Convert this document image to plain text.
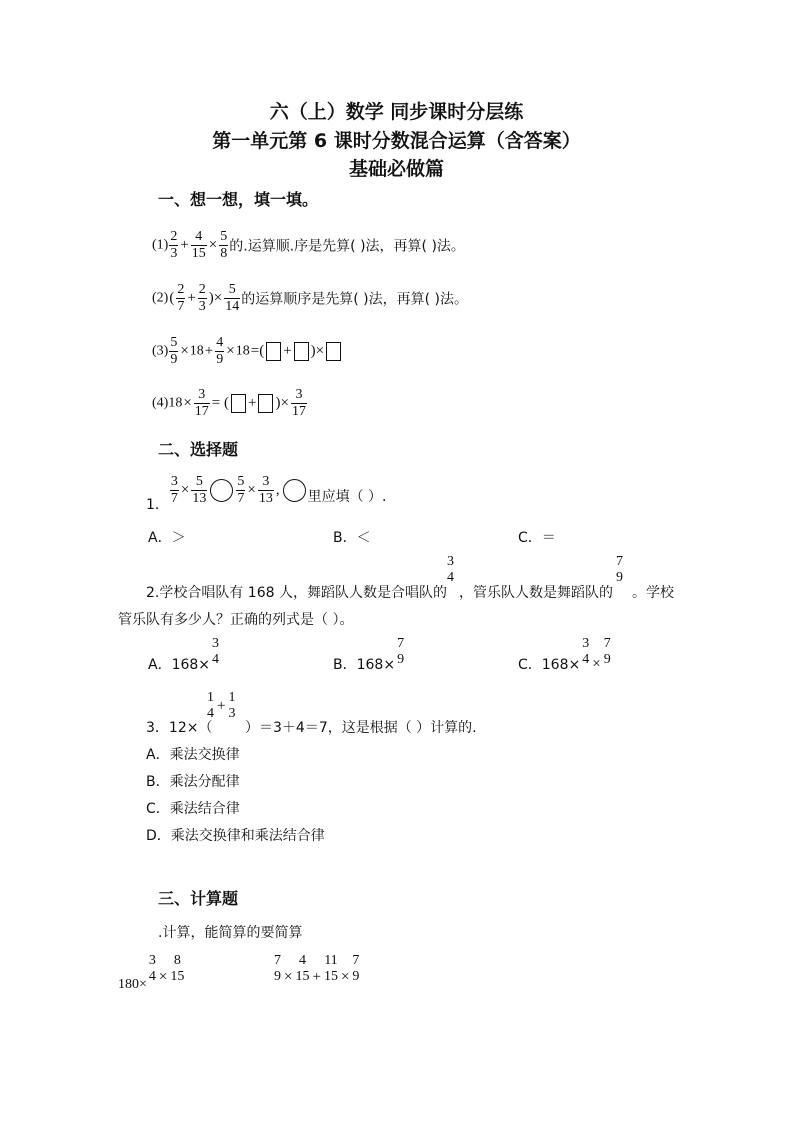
六（上）数学 同步课时分层练
第一单元第 6 课时分数混合运算（含答案）
基础必做篇
一、想一想，填一填。
$(1) \frac{2}{3} + \frac{4}{15} \times \frac{5}{8}$ 的.运算顺.序是先算( )法，再算( )法。
$(2)( \frac{2}{7} + \frac{2}{3}$ )× $\frac{5}{14}$ 的运算顺序是先算( )法，再算( )法。
$(3) \frac{5}{9} \times 18+ \frac{4}{9} \times 18=$( + )×
$(4)18\times \frac{3}{17}$ = ( + )× $\frac{3}{17}$
二、选择题
1． $\frac{3}{7} \times \frac{5}{13} \frac{5}{7} \times \frac{3}{13}$ , 里应填（ ）.
A．＞	B．＜	C．＝
2.学校合唱队有 168 人，舞蹈队人数是合唱队的
3
4
，管乐队人数是舞蹈队的
7
9
。学校
管乐队有多少人？正确的列式是（ ）。
A．168×
3
4	B．168×
7
9	C．168×
3
4 ×
7
9
3．12×（
1
4 + 1
3
）＝3＋4＝7，这是根据（ ）计算的.
A．乘法交换律
B．乘法分配律
C．乘法结合律
D．乘法交换律和乘法结合律
三、计算题
.计算，能简算的要简算
180×
3
4 ×
8
15
7
9 ×
4
15 +
11
15 ×
7
9
